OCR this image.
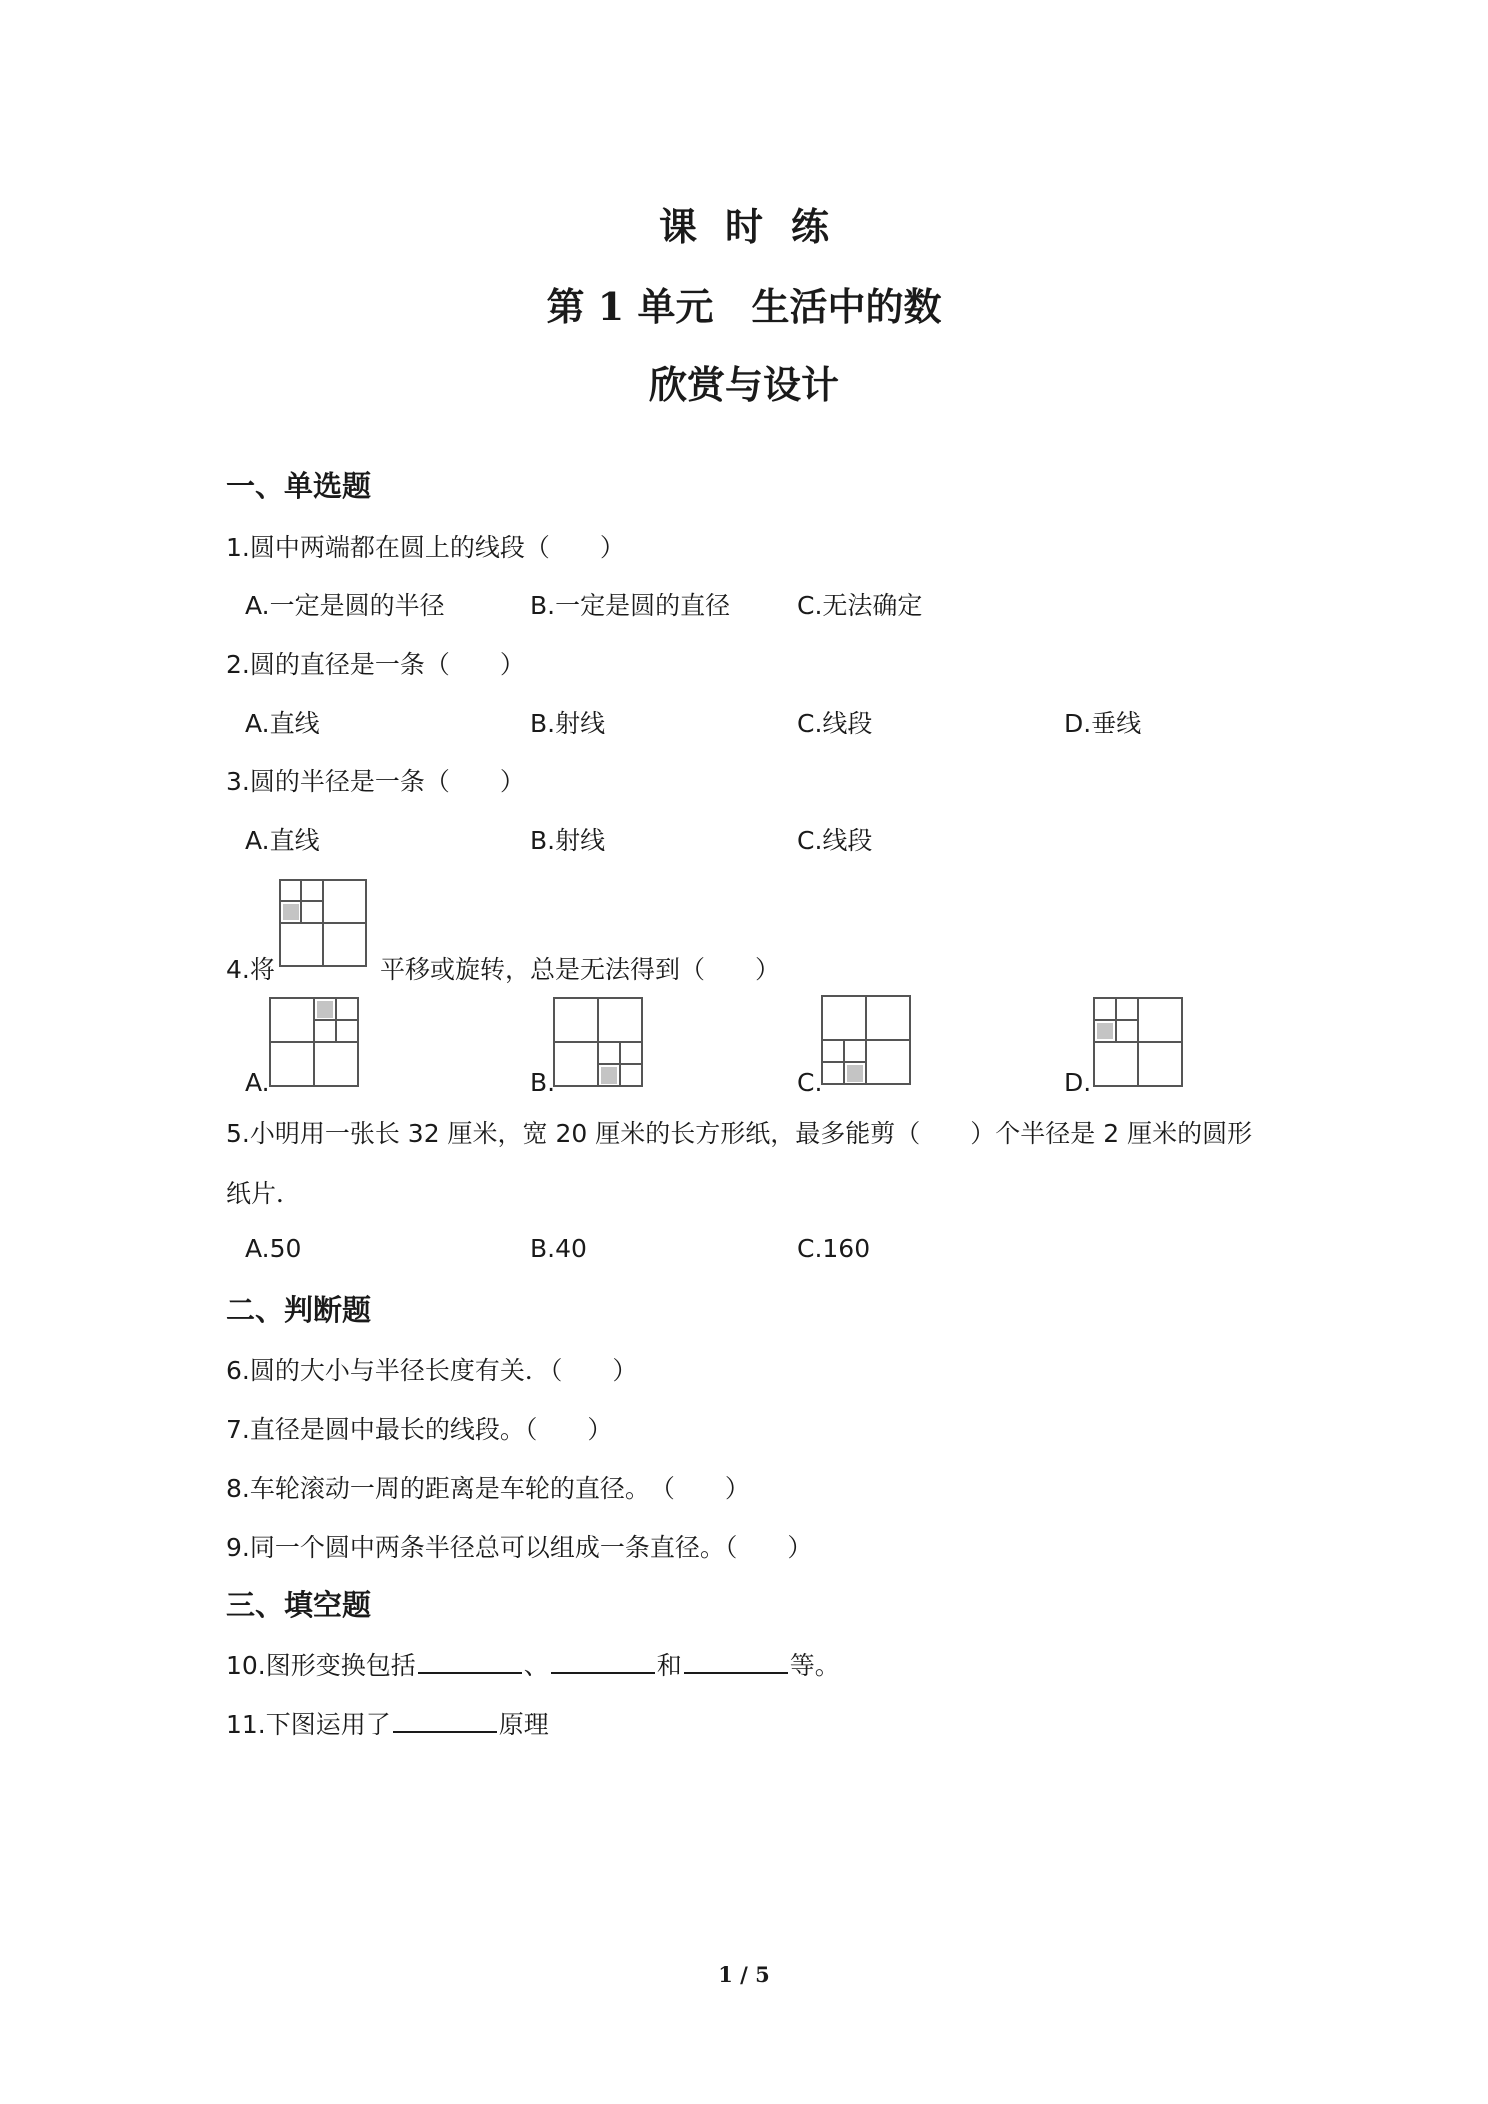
课时练
第 1 单元　生活中的数
欣赏与设计
一、单选题
1.圆中两端都在圆上的线段（　　）
A.一定是圆的半径	B.一定是圆的直径	C.无法确定
2.圆的直径是一条（　　）
A.直线	B.射线	C.线段	D.垂线
3.圆的半径是一条（　　）
A.直线	B.射线	C.线段
4.将	平移或旋转，总是无法得到（　　）
A.	B.	C.	D.
5.小明用一张长 32 厘米，宽 20 厘米的长方形纸，最多能剪（　　）个半径是 2 厘米的圆形
纸片．
A.50	B.40	C.160
二、判断题
6.圆的大小与半径长度有关．（　　）
7.直径是圆中最长的线段。（　　）
8.车轮滚动一周的距离是车轮的直径。　（　　）
9.同一个圆中两条半径总可以组成一条直径。（　　）
三、填空题
10.图形变换包括	、	和	等。
11.下图运用了	原理
1 / 5
